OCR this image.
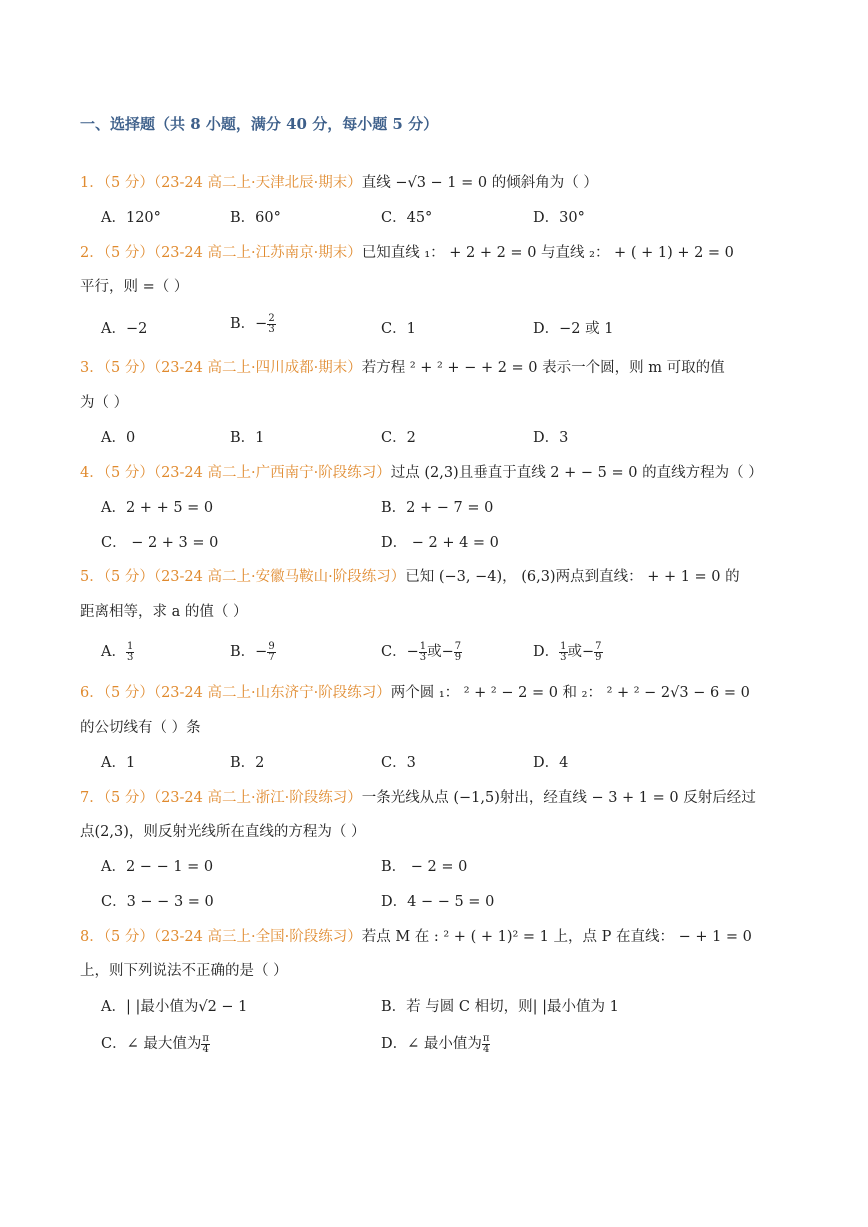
一、选择题（共 8 小题，满分 40 分，每小题 5 分）
1．（5 分）（23-24 高二上·天津北辰·期末）直线 −√3 − 1 = 0 的倾斜角为（ ）
A．120°	B．60°	C．45°	D．30°
2．（5 分）（23-24 高二上·江苏南京·期末）已知直线 ₁： + 2 + 2 = 0 与直线 ₂： + ( + 1) + 2 = 0
平行，则 =（ ）
A．−2	B．− $\frac{2}{3}$	C．1	D．−2 或 1
3．（5 分）（23-24 高二上·四川成都·期末）若方程 ² + ² + − + 2 = 0 表示一个圆，则 m 可取的值
为（ ）
A．0	B．1	C．2	D．3
4．（5 分）（23-24 高二上·广西南宁·阶段练习）过点 (2,3)且垂直于直线 2 + − 5 = 0 的直线方程为（ ）
A．2 + + 5 = 0	B．2 + − 7 = 0
C． − 2 + 3 = 0	D． − 2 + 4 = 0
5．（5 分）（23-24 高二上·安徽马鞍山·阶段练习）已知 (−3, −4)， (6,3)两点到直线： + + 1 = 0 的
距离相等，求 a 的值（ ）
A． $\frac{1}{3}$	B．− $\frac{9}{7}$	C．− $\frac{1}{3}$ 或− $\frac{7}{9}$	D． $\frac{1}{3}$ 或− $\frac{7}{9}$
6．（5 分）（23-24 高二上·山东济宁·阶段练习）两个圆 ₁： ² + ² − 2 = 0 和 ₂： ² + ² − 2√3 − 6 = 0
的公切线有（ ）条
A．1	B．2	C．3	D．4
7．（5 分）（23-24 高二上·浙江·阶段练习）一条光线从点 (−1,5)射出，经直线 − 3 + 1 = 0 反射后经过
点(2,3)，则反射光线所在直线的方程为（ ）
A．2 − − 1 = 0	B． − 2 = 0
C．3 − − 3 = 0	D．4 − − 5 = 0
8．（5 分）（23-24 高三上·全国·阶段练习）若点 M 在 : ² + ( + 1)² = 1 上，点 P 在直线： − + 1 = 0
上，则下列说法不正确的是（ ）
A．| |最小值为√2 − 1	B．若 与圆 C 相切，则| |最小值为 1
C．∠ 最大值为 $\frac{\pi}{4}$	D．∠ 最小值为 $\frac{\pi}{4}$
